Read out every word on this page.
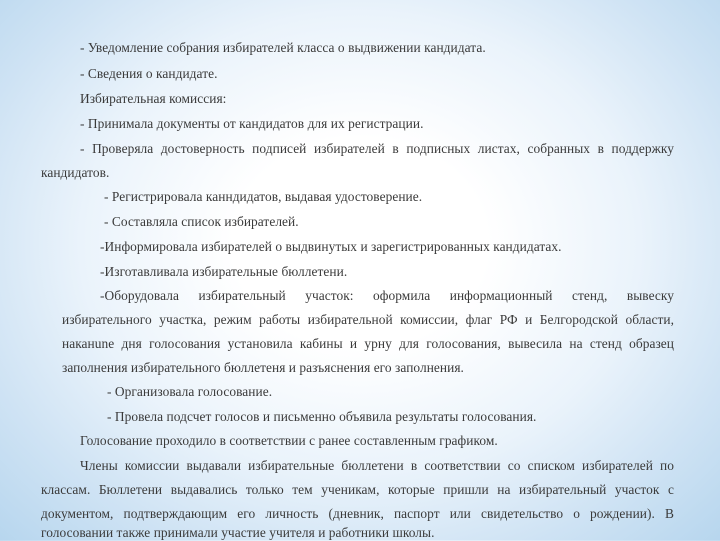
- Уведомление собрания избирателей класса о выдвижении кандидата.

- Сведения о кандидате.

Избирательная комиссия:

- Принимала документы от кандидатов для их регистрации.

- Проверяла достоверность подписей избирателей в подписных листах, собранных в поддержку

кандидатов.

- Регистрировала канндидатов, выдавая удостоверение.

- Составляла список избирателей.

-Информировала избирателей о выдвинутых и зарегистрированных кандидатах.

-Изготавливала избирательные бюллетени.

-Оборудовала избирательный участок: оформила информационный стенд, вывеску

избирательного участка, режим работы избирательной комиссии, флаг РФ и Белгородской области,

наканune дня голосования установила кабины и урну для голосования, вывесила на стенд образец

заполнения избирательного бюллетеня и разъяснения его заполнения.

- Организовала голосование.

- Провела подсчет голосов и письменно объявила результаты голосования.

Голосование проходило в соответствии с ранее составленным графиком.

Члены комиссии выдавали избирательные бюллетени в соответствии со списком избирателей по

классам. Бюллетени выдавались только тем ученикам, которые пришли на избирательный участок с

документом, подтверждающим его личность (дневник, паспорт или свидетельство о рождении). В

голосовании также принимали участие учителя и работники школы.
